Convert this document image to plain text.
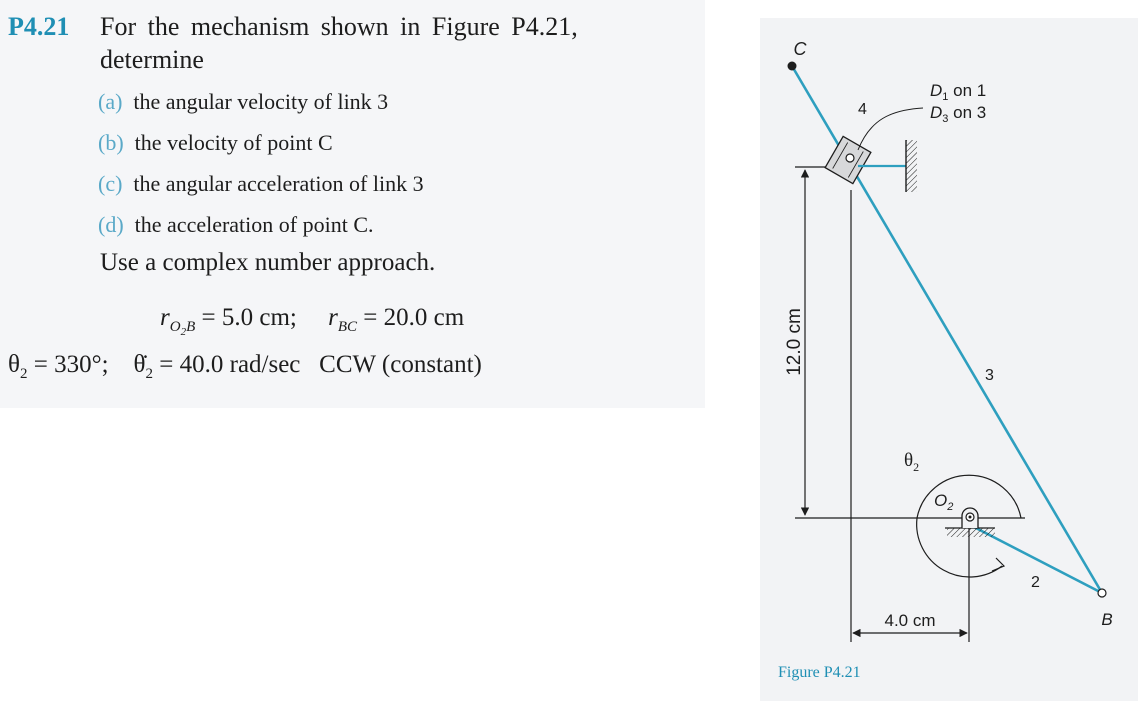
P4.21 For the mechanism shown in Figure P4.21,
determine
(a) the angular velocity of link 3
(b) the velocity of point C
(c) the angular acceleration of link 3
(d) the acceleration of point C.
Use a complex number approach.
$r_{O_2B} = 5.0$ cm; $r_{BC} = 20.0$ cm
$\theta_2 = 330^\circ$; $\thetȧ_2 = 40.0$ rad/sec CCW (constant)	12.0 cm
4.0 cm
C
B
4
3
2
$D_1$ on 1
$D_3$ on 3
$\theta_2$
$O_2$
Figure P4.21
